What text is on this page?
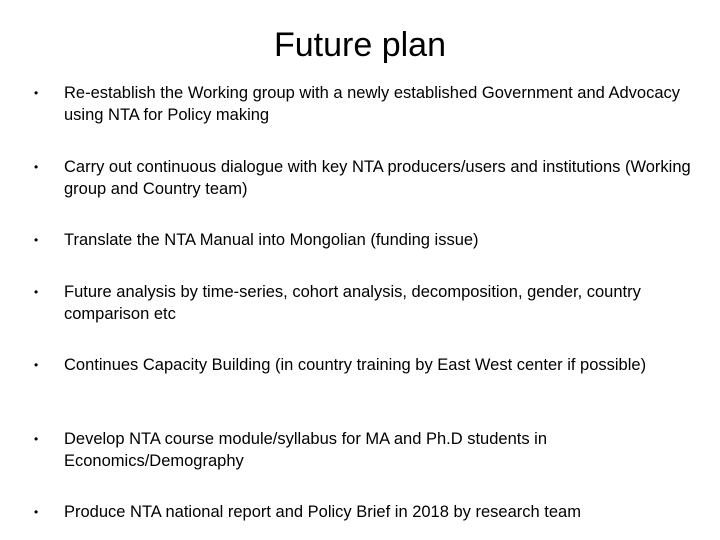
Future plan
• Re-establish the Working group with a newly established Government and Advocacy using NTA for Policy making
• Carry out continuous dialogue with key NTA producers/users and institutions (Working group and Country team)
• Translate the NTA Manual into Mongolian (funding issue)
• Future analysis by time-series, cohort analysis, decomposition, gender, country comparison etc
• Continues Capacity Building (in country training by East West center if possible)
• Develop NTA course module/syllabus for MA and Ph.D students in Economics/Demography
• Produce NTA national report and Policy Brief in 2018 by research team
